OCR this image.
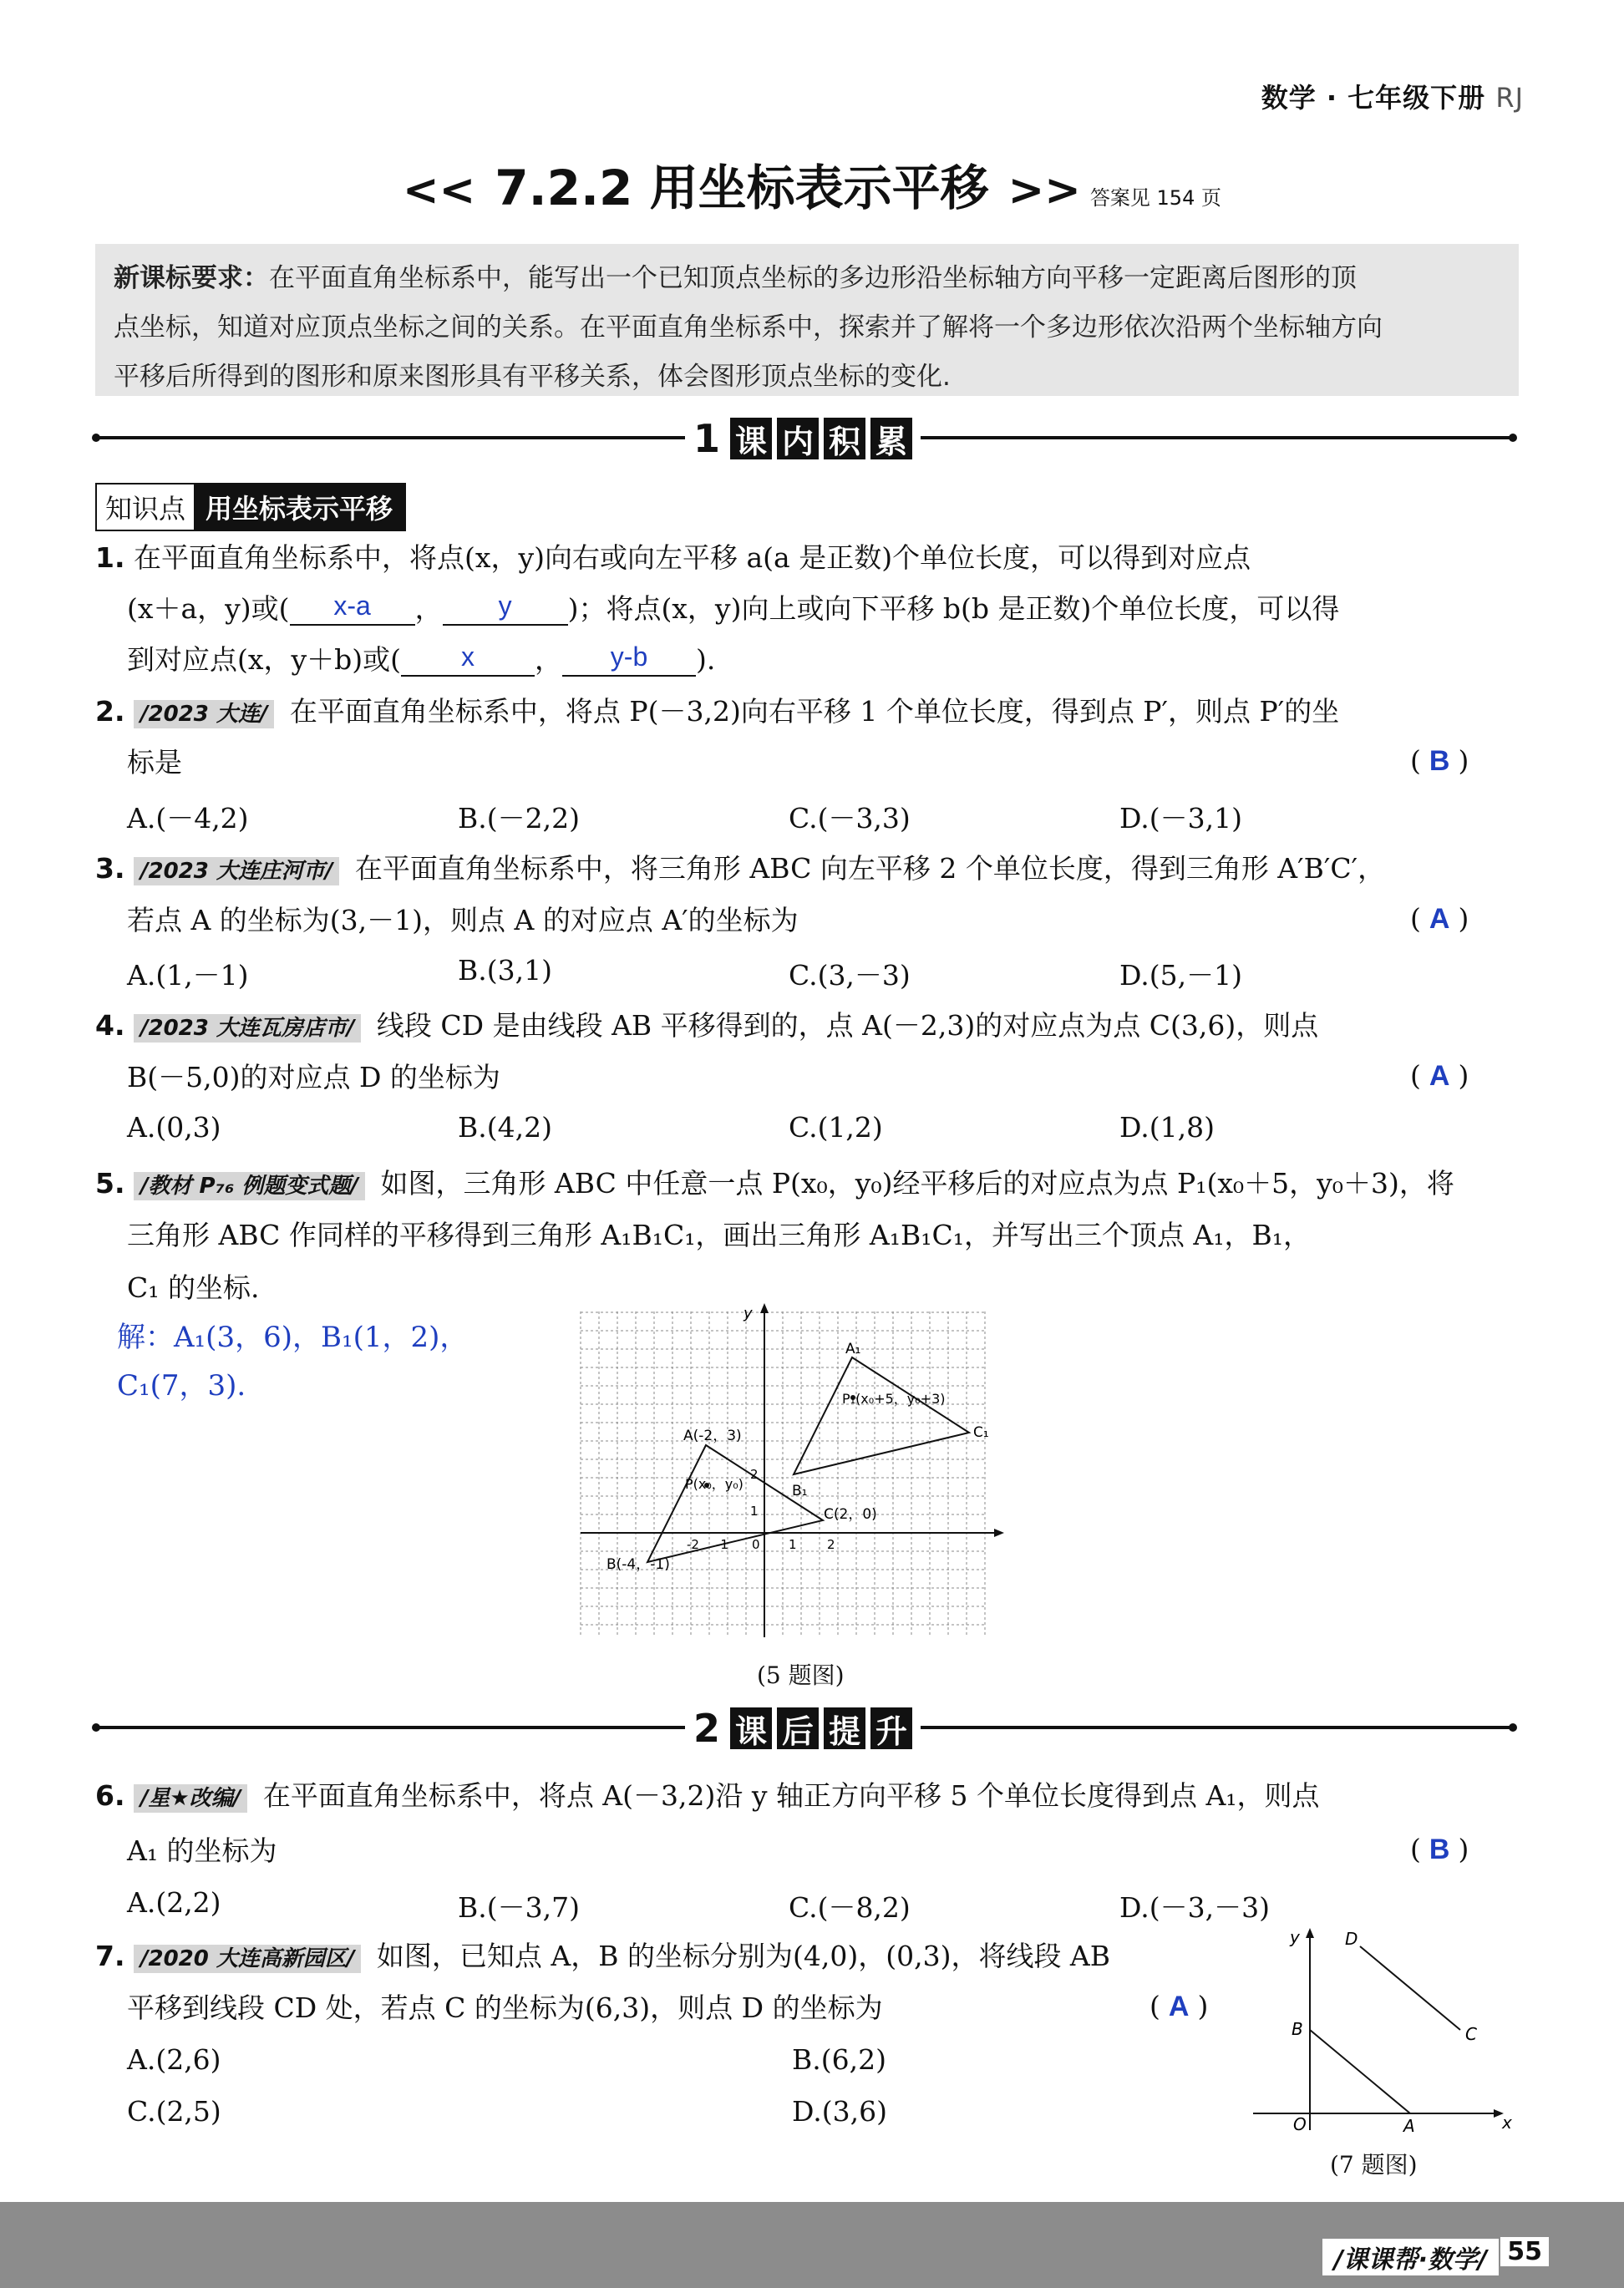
数学 · 七年级下册 RJ
<< 7.2.2 用坐标表示平移 >> 答案见 154 页
新课标要求：在平面直角坐标系中，能写出一个已知顶点坐标的多边形沿坐标轴方向平移一定距离后图形的顶
点坐标，知道对应顶点坐标之间的关系。在平面直角坐标系中，探索并了解将一个多边形依次沿两个坐标轴方向
平移后所得到的图形和原来图形具有平移关系，体会图形顶点坐标的变化.
1 课 内 积 累
知识点 用坐标表示平移
1. 在平面直角坐标系中，将点(x，y)向右或向左平移 a(a 是正数)个单位长度，可以得到对应点
(x＋a，y)或( x-a ， y )；将点(x，y)向上或向下平移 b(b 是正数)个单位长度，可以得
到对应点(x，y＋b)或( x ， y-b ).
2. /2023 大连/ 在平面直角坐标系中，将点 P(－3,2)向右平移 1 个单位长度，得到点 P′，则点 P′的坐
标是	( B )
A.(－4,2)	B.(－2,2)	C.(－3,3)	D.(－3,1)
3. /2023 大连庄河市/ 在平面直角坐标系中，将三角形 ABC 向左平移 2 个单位长度，得到三角形 A′B′C′，
若点 A 的坐标为(3,－1)，则点 A 的对应点 A′的坐标为	( A )
A.(1,－1)	B.(3,1)	C.(3,－3)	D.(5,－1)
4. /2023 大连瓦房店市/ 线段 CD 是由线段 AB 平移得到的，点 A(－2,3)的对应点为点 C(3,6)，则点
B(－5,0)的对应点 D 的坐标为	( A )
A.(0,3)	B.(4,2)	C.(1,2)	D.(1,8)
5. /教材 P₇₆ 例题变式题/ 如图，三角形 ABC 中任意一点 P(x₀，y₀)经平移后的对应点为点 P₁(x₀＋5，y₀＋3)，将
三角形 ABC 作同样的平移得到三角形 A₁B₁C₁，画出三角形 A₁B₁C₁，并写出三个顶点 A₁，B₁，
C₁ 的坐标.
解：A₁(3，6)，B₁(1，2)，
C₁(7，3).
y
A(-2，3)
B(-4，-1)
C(2，0)
P(x₀，y₀)
A₁
B₁
C₁
P₁(x₀+5，y₀+3)
-2 -1 0 1 2
1
2
(5 题图)
2 课 后 提 升
6. /星★改编/ 在平面直角坐标系中，将点 A(－3,2)沿 y 轴正方向平移 5 个单位长度得到点 A₁，则点
A₁ 的坐标为	( B )
A.(2,2)	B.(－3,7)	C.(－8,2)	D.(－3,－3)
7. /2020 大连高新园区/ 如图，已知点 A，B 的坐标分别为(4,0)，(0,3)，将线段 AB
平移到线段 CD 处，若点 C 的坐标为(6,3)，则点 D 的坐标为	( A )
A.(2,6)	B.(6,2)
C.(2,5)	D.(3,6)
y
x
O	A
B	C
D
(7 题图)
/课课帮·数学/ 55
